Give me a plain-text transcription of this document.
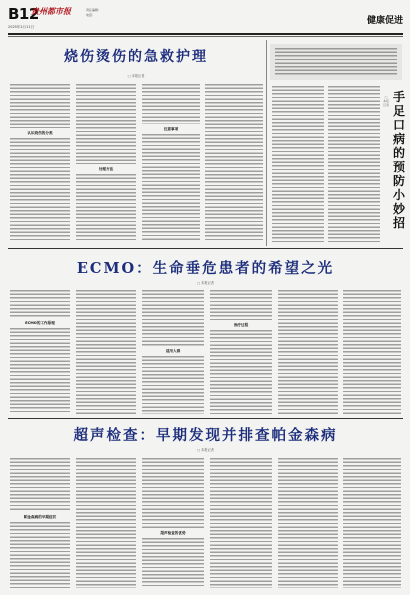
B12
贵州都市报
2025年2月11日
责任编辑：
电话：
健康促进
烧伤烫伤的急救护理
□ 本报记者
认识烧伤的分类
处理方法
注意事项
□ 本报记者
手足口病的预防小妙招
ECMO：生命垂危患者的希望之光
□ 本报记者
ECMO的工作原理
适用人群
治疗过程
超声检查：早期发现并排查帕金森病
□ 本报记者
帕金森病的早期症状
超声检查的优势
